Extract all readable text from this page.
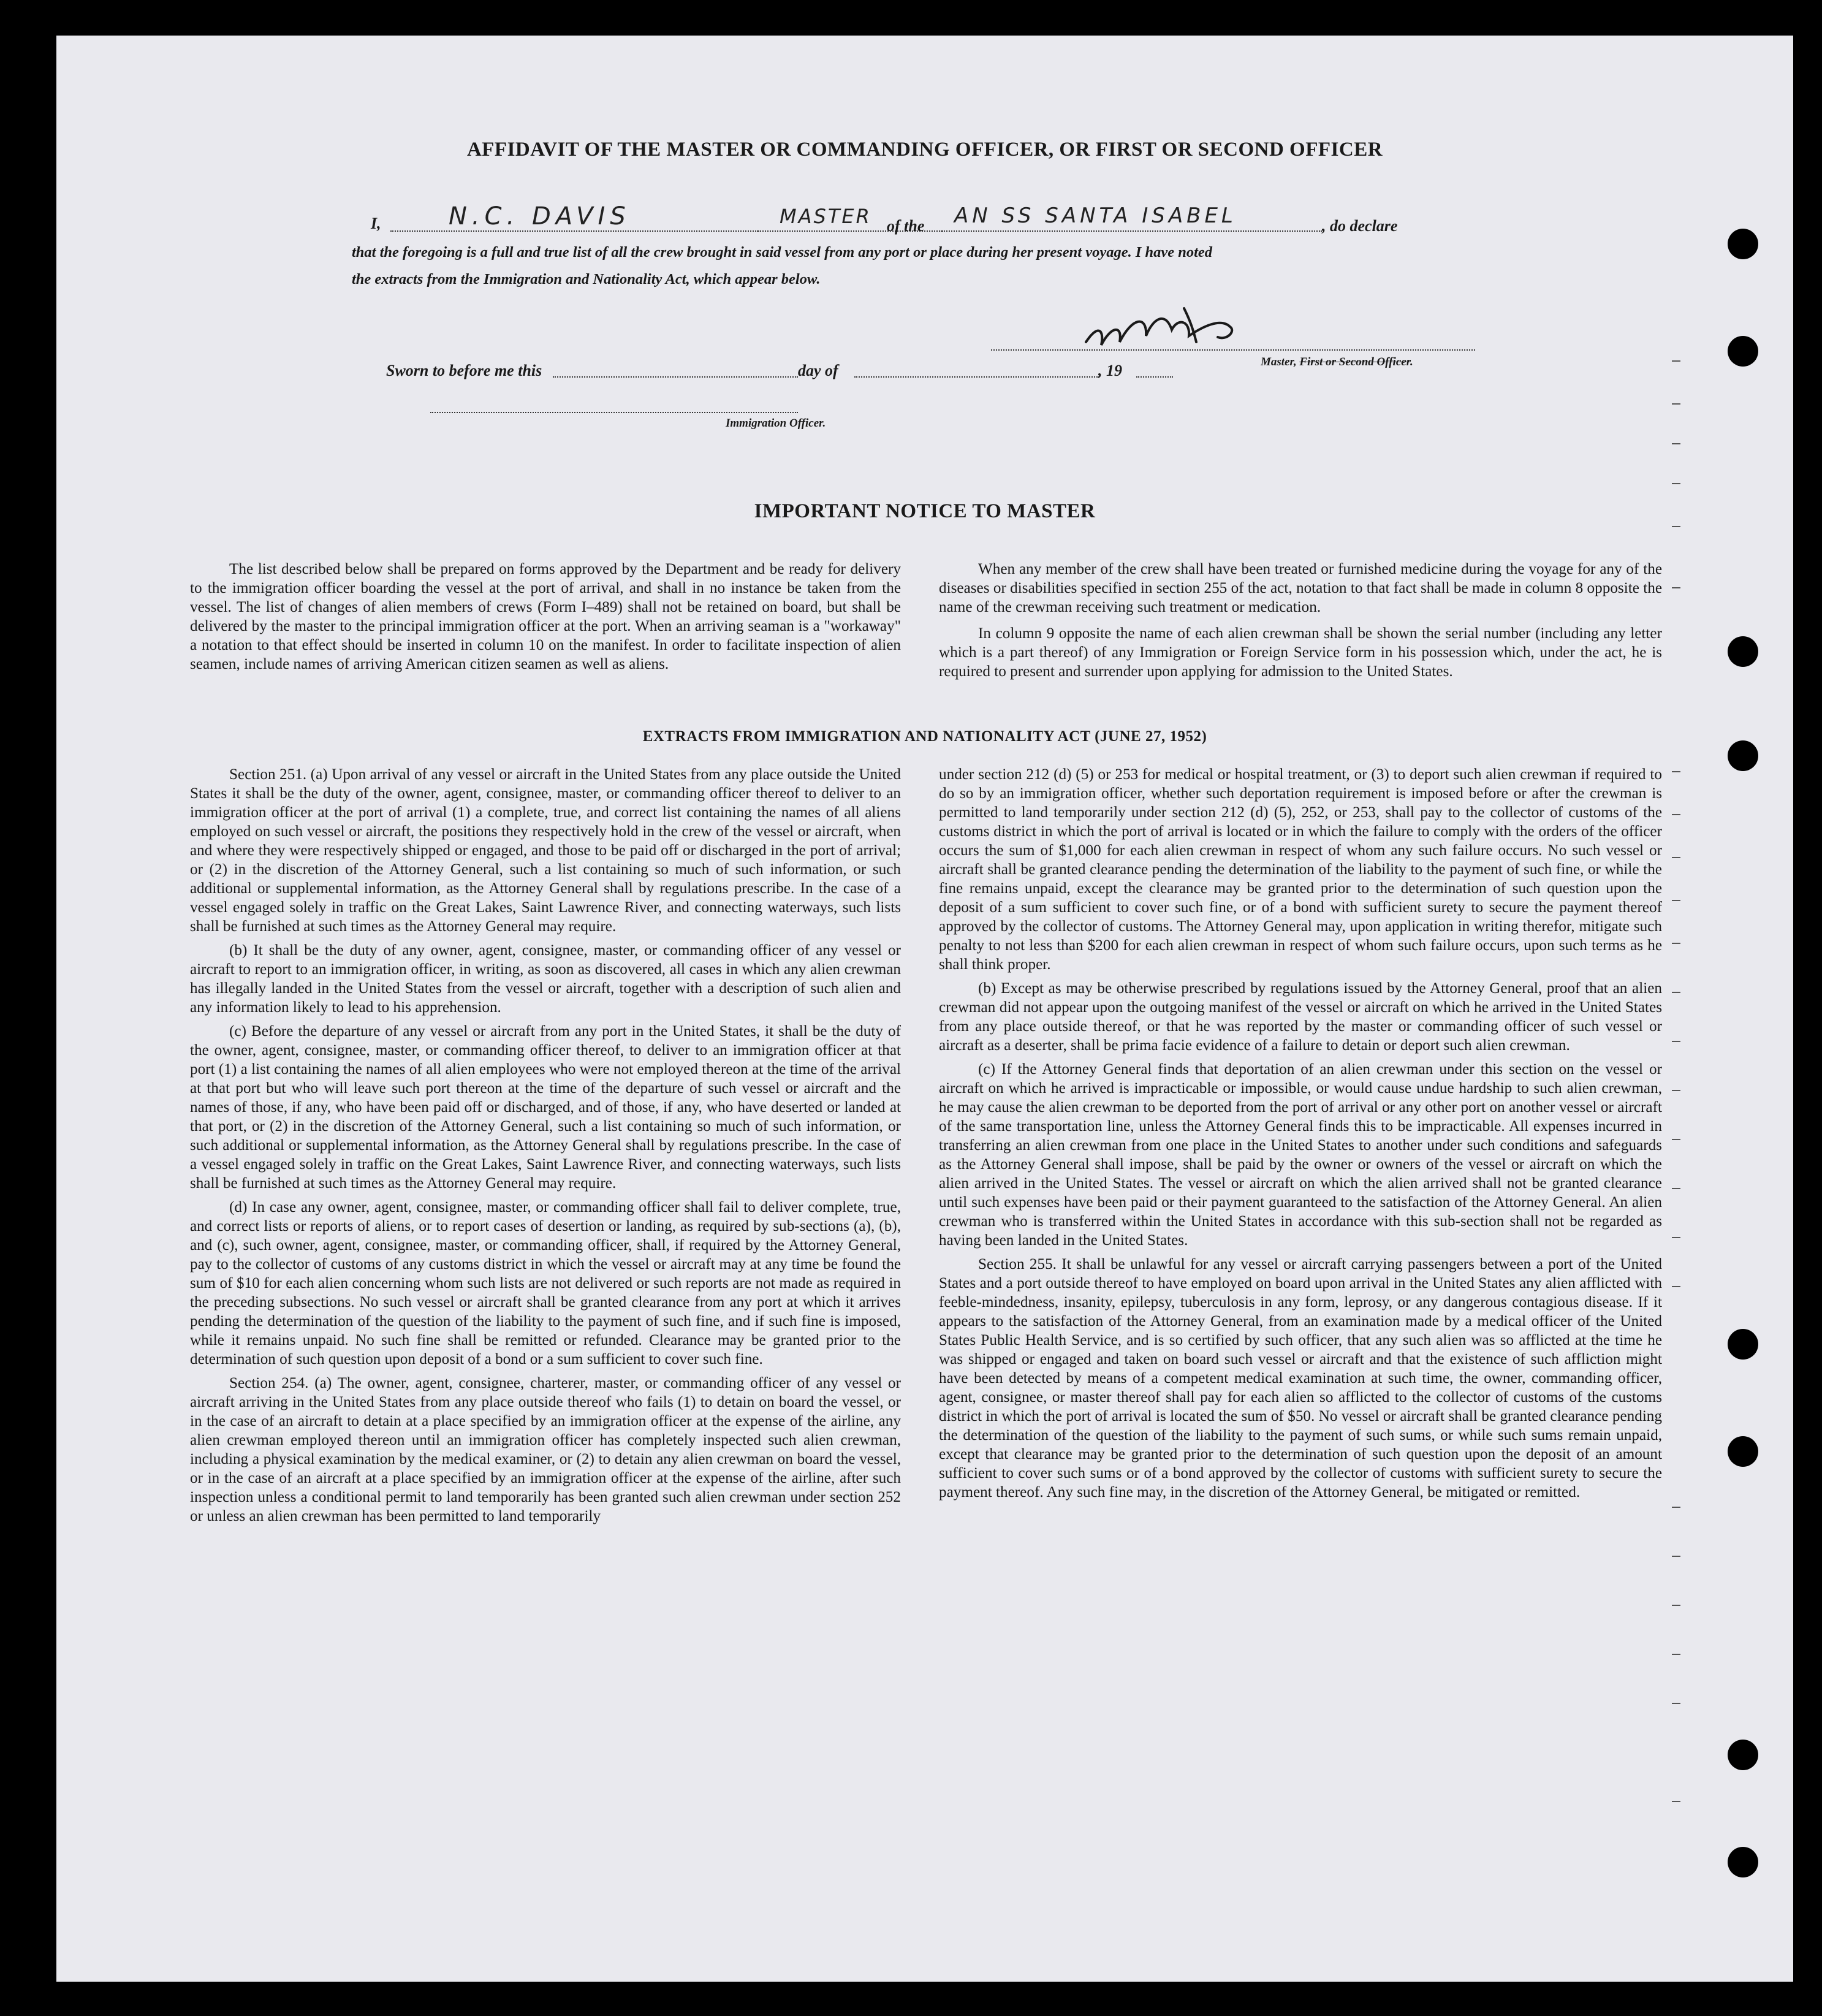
AFFIDAVIT OF THE MASTER OR COMMANDING OFFICER, OR FIRST OR SECOND OFFICER
I,	N.C. DAVIS	MASTER of the AN SS SANTA ISABEL	, do declare
that the foregoing is a full and true list of all the crew brought in said vessel from any port or place during her present voyage. I have noted
the extracts from the Immigration and Nationality Act, which appear below.
Master, First or Second Officer.
Sworn to before me this	day of	, 19
Immigration Officer.
IMPORTANT NOTICE TO MASTER

The list described below shall be prepared on forms approved by the Department and be ready for delivery to the immigration officer boarding the vessel at the port of arrival, and shall in no instance be taken from the vessel. The list of changes of alien members of crews (Form I–489) shall not be retained on board, but shall be delivered by the master to the principal immigration officer at the port. When an arriving seaman is a "workaway" a notation to that effect should be inserted in column 10 on the manifest. In order to facilitate inspection of alien seamen, include names of arriving American citizen seamen as well as aliens.

When any member of the crew shall have been treated or furnished medicine during the voyage for any of the diseases or disabilities specified in section 255 of the act, notation to that fact shall be made in column 8 opposite the name of the crewman receiving such treatment or medication.

In column 9 opposite the name of each alien crewman shall be shown the serial number (including any letter which is a part thereof) of any Immigration or Foreign Service form in his possession which, under the act, he is required to present and surrender upon applying for admission to the United States.

EXTRACTS FROM IMMIGRATION AND NATIONALITY ACT (JUNE 27, 1952)

Section 251. (a) Upon arrival of any vessel or aircraft in the United States from any place outside the United States it shall be the duty of the owner, agent, consignee, master, or commanding officer thereof to deliver to an immigration officer at the port of arrival (1) a complete, true, and correct list containing the names of all aliens employed on such vessel or aircraft, the positions they respectively hold in the crew of the vessel or aircraft, when and where they were respectively shipped or engaged, and those to be paid off or discharged in the port of arrival; or (2) in the discretion of the Attorney General, such a list containing so much of such information, or such additional or supplemental information, as the Attorney General shall by regulations prescribe. In the case of a vessel engaged solely in traffic on the Great Lakes, Saint Lawrence River, and connecting waterways, such lists shall be furnished at such times as the Attorney General may require.

(b) It shall be the duty of any owner, agent, consignee, master, or commanding officer of any vessel or aircraft to report to an immigration officer, in writing, as soon as discovered, all cases in which any alien crewman has illegally landed in the United States from the vessel or aircraft, together with a description of such alien and any information likely to lead to his apprehension.

(c) Before the departure of any vessel or aircraft from any port in the United States, it shall be the duty of the owner, agent, consignee, master, or commanding officer thereof, to deliver to an immigration officer at that port (1) a list containing the names of all alien employees who were not employed thereon at the time of the arrival at that port but who will leave such port thereon at the time of the departure of such vessel or aircraft and the names of those, if any, who have been paid off or discharged, and of those, if any, who have deserted or landed at that port, or (2) in the discretion of the Attorney General, such a list containing so much of such information, or such additional or supplemental information, as the Attorney General shall by regulations prescribe. In the case of a vessel engaged solely in traffic on the Great Lakes, Saint Lawrence River, and connecting waterways, such lists shall be furnished at such times as the Attorney General may require.

(d) In case any owner, agent, consignee, master, or commanding officer shall fail to deliver complete, true, and correct lists or reports of aliens, or to report cases of desertion or landing, as required by sub-sections (a), (b), and (c), such owner, agent, consignee, master, or commanding officer, shall, if required by the Attorney General, pay to the collector of customs of any customs district in which the vessel or aircraft may at any time be found the sum of $10 for each alien concerning whom such lists are not delivered or such reports are not made as required in the preceding subsections. No such vessel or aircraft shall be granted clearance from any port at which it arrives pending the determination of the question of the liability to the payment of such fine, and if such fine is imposed, while it remains unpaid. No such fine shall be remitted or refunded. Clearance may be granted prior to the determination of such question upon deposit of a bond or a sum sufficient to cover such fine.

Section 254. (a) The owner, agent, consignee, charterer, master, or commanding officer of any vessel or aircraft arriving in the United States from any place outside thereof who fails (1) to detain on board the vessel, or in the case of an aircraft to detain at a place specified by an immigration officer at the expense of the airline, any alien crewman employed thereon until an immigration officer has completely inspected such alien crewman, including a physical examination by the medical examiner, or (2) to detain any alien crewman on board the vessel, or in the case of an aircraft at a place specified by an immigration officer at the expense of the airline, after such inspection unless a conditional permit to land temporarily has been granted such alien crewman under section 252 or unless an alien crewman has been permitted to land temporarily

under section 212 (d) (5) or 253 for medical or hospital treatment, or (3) to deport such alien crewman if required to do so by an immigration officer, whether such deportation requirement is imposed before or after the crewman is permitted to land temporarily under section 212 (d) (5), 252, or 253, shall pay to the collector of customs of the customs district in which the port of arrival is located or in which the failure to comply with the orders of the officer occurs the sum of $1,000 for each alien crewman in respect of whom any such failure occurs. No such vessel or aircraft shall be granted clearance pending the determination of the liability to the payment of such fine, or while the fine remains unpaid, except the clearance may be granted prior to the determination of such question upon the deposit of a sum sufficient to cover such fine, or of a bond with sufficient surety to secure the payment thereof approved by the collector of customs. The Attorney General may, upon application in writing therefor, mitigate such penalty to not less than $200 for each alien crewman in respect of whom such failure occurs, upon such terms as he shall think proper.

(b) Except as may be otherwise prescribed by regulations issued by the Attorney General, proof that an alien crewman did not appear upon the outgoing manifest of the vessel or aircraft on which he arrived in the United States from any place outside thereof, or that he was reported by the master or commanding officer of such vessel or aircraft as a deserter, shall be prima facie evidence of a failure to detain or deport such alien crewman.

(c) If the Attorney General finds that deportation of an alien crewman under this section on the vessel or aircraft on which he arrived is impracticable or impossible, or would cause undue hardship to such alien crewman, he may cause the alien crewman to be deported from the port of arrival or any other port on another vessel or aircraft of the same transportation line, unless the Attorney General finds this to be impracticable. All expenses incurred in transferring an alien crewman from one place in the United States to another under such conditions and safeguards as the Attorney General shall impose, shall be paid by the owner or owners of the vessel or aircraft on which the alien arrived in the United States. The vessel or aircraft on which the alien arrived shall not be granted clearance until such expenses have been paid or their payment guaranteed to the satisfaction of the Attorney General. An alien crewman who is transferred within the United States in accordance with this sub-section shall not be regarded as having been landed in the United States.

Section 255. It shall be unlawful for any vessel or aircraft carrying passengers between a port of the United States and a port outside thereof to have employed on board upon arrival in the United States any alien afflicted with feeble-mindedness, insanity, epilepsy, tuberculosis in any form, leprosy, or any dangerous contagious disease. If it appears to the satisfaction of the Attorney General, from an examination made by a medical officer of the United States Public Health Service, and is so certified by such officer, that any such alien was so afflicted at the time he was shipped or engaged and taken on board such vessel or aircraft and that the existence of such affliction might have been detected by means of a competent medical examination at such time, the owner, commanding officer, agent, consignee, or master thereof shall pay for each alien so afflicted to the collector of customs of the customs district in which the port of arrival is located the sum of $50. No vessel or aircraft shall be granted clearance pending the determination of the question of the liability to the payment of such sums, or while such sums remain unpaid, except that clearance may be granted prior to the determination of such question upon the deposit of an amount sufficient to cover such sums or of a bond approved by the collector of customs with sufficient surety to secure the payment thereof. Any such fine may, in the discretion of the Attorney General, be mitigated or remitted.
